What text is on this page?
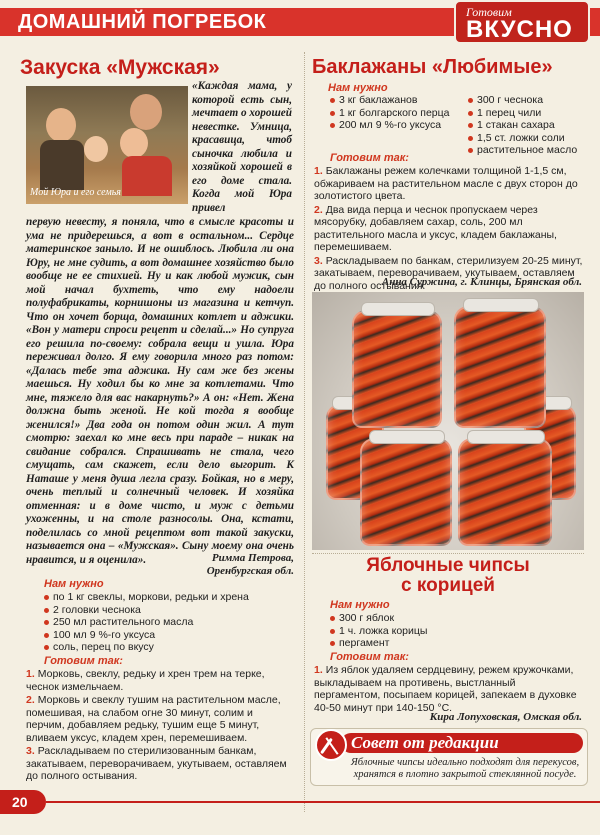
ДОМАШНИЙ ПОГРЕБОК	Готовим
ВКУСНО
Закуска «Мужская»
Мой Юра и его семья
«Каждая мама, у которой есть сын, мечтает о хорошей невестке. Умница, красавица, чтоб сыночка любила и хозяйкой хорошей в его доме стала. Когда мой Юра привел
первую невесту, я поняла, что в смысле красоты и ума не придерешься, а вот в остальном... Сердце материнское заныло. И не ошиблось. Любила ли она Юру, не мне судить, а вот домашнее хозяйство было вообще не ее стихией. Ну и как любой мужик, сын мой начал бухтеть, что ему надоели полуфабрикаты, корнишоны из магазина и кетчуп. Что он хочет борща, домашних котлет и аджики. «Вон у матери спроси рецепт и сделай...» Но супруга его решила по-своему: собрала вещи и ушла. Юра переживал долго. Я ему говорила много раз потом: «Далась тебе эта аджика. Ну сам же без жены маешься. Ну ходил бы ко мне за котлетами. Что мне, тяжело для вас накарнуть?» А он: «Нет. Жена должна быть женой. Не кой тогда я вообще женился!» Два года он потом один жил. А тут смотрю: заехал ко мне весь при параде – никак на свидание собрался. Спрашивать не стала, чего смущать, сам скажет, если дело выгорит. К Наташе у меня душа легла сразу. Бойкая, но в меру, очень теплый и солнечный человек. И хозяйка отменная: и в доме чисто, и муж с детьми ухоженны, и на столе разносолы. Она, кстати, поделилась со мной рецептом вот такой закуски, называется она – «Мужская». Сыну моему она очень нравится, и я оценила».	Римма Петрова,
Оренбургская обл.
Нам нужно
по 1 кг свеклы, моркови, редьки и хрена
2 головки чеснока
250 мл растительного масла
100 мл 9 %-го уксуса
соль, перец по вкусу
Готовим так:

1. Морковь, свеклу, редьку и хрен трем на терке, чеснок измельчаем.

2. Морковь и свеклу тушим на растительном масле, помешивая, на слабом огне 30 минут, солим и перчим, добавляем редьку, тушим еще 5 минут, вливаем уксус, кладем хрен, перемешиваем.

3. Раскладываем по стерилизованным банкам, закатываем, переворачиваем, укутываем, оставляем до полного остывания.

Баклажаны «Любимые»
Нам нужно
3 кг баклажанов
1 кг болгарского перца
200 мл 9 %-го уксуса
300 г чеснока
1 перец чили
1 стакан сахара
1,5 ст. ложки соли
растительное масло
Готовим так:

1. Баклажаны режем колечками толщиной 1-1,5 см, обжариваем на растительном масле с двух сторон до золотистого цвета.

2. Два вида перца и чеснок пропускаем через мясорубку, добавляем сахар, соль, 200 мл растительного масла и уксус, кладем баклажаны, перемешиваем.

3. Раскладываем по банкам, стерилизуем 20-25 минут, закатываем, переворачиваем, укутываем, оставляем до полного остывания.

Анна Суржина, г. Клинцы, Брянская обл.
Яблочные чипсы
с корицей
Нам нужно
300 г яблок
1 ч. ложка корицы
пергамент
Готовим так:

1. Из яблок удаляем сердцевину, режем кружочками, выкладываем на противень, выстланный пергаментом, посыпаем корицей, запекаем в духовке 40-50 минут при 140-150 °С.

Кира Лопуховская, Омская обл.
Совет от редакции
Яблочные чипсы идеально подходят для перекусов, хранятся в плотно закрытой стеклянной посуде.
20
